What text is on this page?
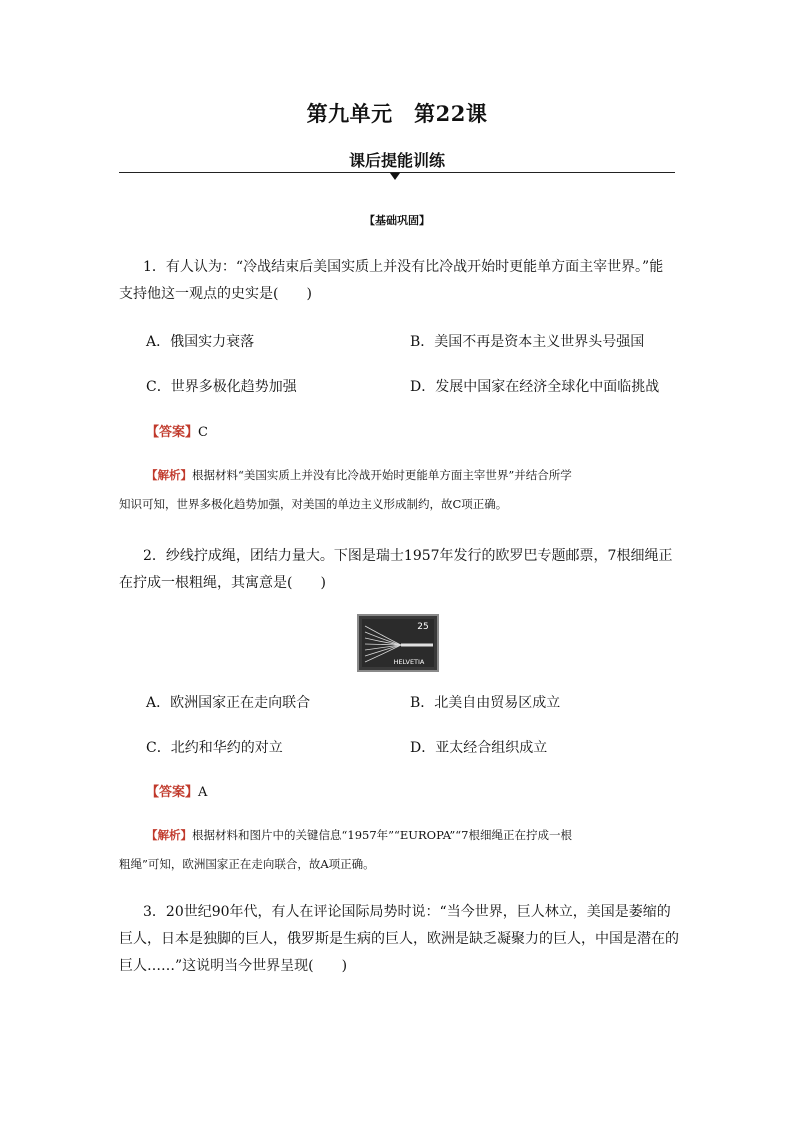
第九单元　第22课
课后提能训练
【基础巩固】
1．有人认为：“冷战结束后美国实质上并没有比冷战开始时更能单方面主宰世界。”能
支持他这一观点的史实是(　　)
A．俄国实力衰落	B．美国不再是资本主义世界头号强国
C．世界多极化趋势加强	D．发展中国家在经济全球化中面临挑战
【答案】C
【解析】根据材料“美国实质上并没有比冷战开始时更能单方面主宰世界”并结合所学
知识可知，世界多极化趋势加强，对美国的单边主义形成制约，故C项正确。
2．纱线拧成绳，团结力量大。下图是瑞士1957年发行的欧罗巴专题邮票，7根细绳正
在拧成一根粗绳，其寓意是(　　)
25
HELVETIA
A．欧洲国家正在走向联合	B．北美自由贸易区成立
C．北约和华约的对立	D．亚太经合组织成立
【答案】A
【解析】根据材料和图片中的关键信息“1957年”“EUROPA”“7根细绳正在拧成一根
粗绳”可知，欧洲国家正在走向联合，故A项正确。
3．20世纪90年代，有人在评论国际局势时说：“当今世界，巨人林立，美国是萎缩的
巨人，日本是独脚的巨人，俄罗斯是生病的巨人，欧洲是缺乏凝聚力的巨人，中国是潜在的
巨人……”这说明当今世界呈现(　　)
